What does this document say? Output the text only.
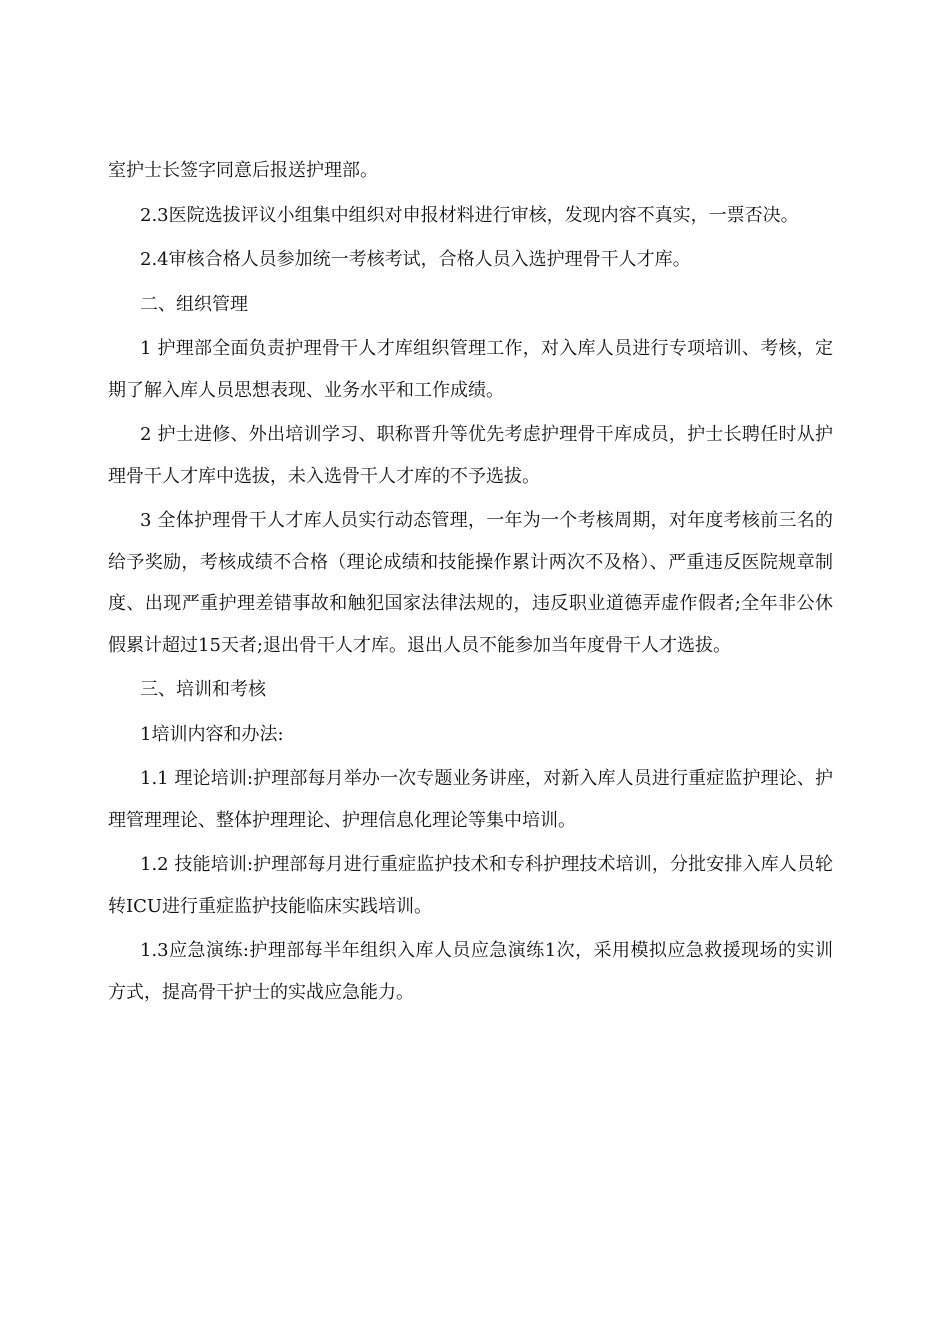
室护士长签字同意后报送护理部。

2.3医院选拔评议小组集中组织对申报材料进行审核，发现内容不真实，一票否决。

2.4审核合格人员参加统一考核考试，合格人员入选护理骨干人才库。

二、组织管理

1 护理部全面负责护理骨干人才库组织管理工作，对入库人员进行专项培训、考核，定期了解入库人员思想表现、业务水平和工作成绩。

2 护士进修、外出培训学习、职称晋升等优先考虑护理骨干库成员，护士长聘任时从护理骨干人才库中选拔，未入选骨干人才库的不予选拔。

3 全体护理骨干人才库人员实行动态管理，一年为一个考核周期，对年度考核前三名的给予奖励，考核成绩不合格（理论成绩和技能操作累计两次不及格）、严重违反医院规章制度、出现严重护理差错事故和触犯国家法律法规的，违反职业道德弄虚作假者;全年非公休假累计超过15天者;退出骨干人才库。退出人员不能参加当年度骨干人才选拔。

三、培训和考核

1培训内容和办法:

1.1 理论培训:护理部每月举办一次专题业务讲座，对新入库人员进行重症监护理论、护理管理理论、整体护理理论、护理信息化理论等集中培训。

1.2 技能培训:护理部每月进行重症监护技术和专科护理技术培训，分批安排入库人员轮转ICU进行重症监护技能临床实践培训。

1.3应急演练:护理部每半年组织入库人员应急演练1次，采用模拟应急救援现场的实训方式，提高骨干护士的实战应急能力。
